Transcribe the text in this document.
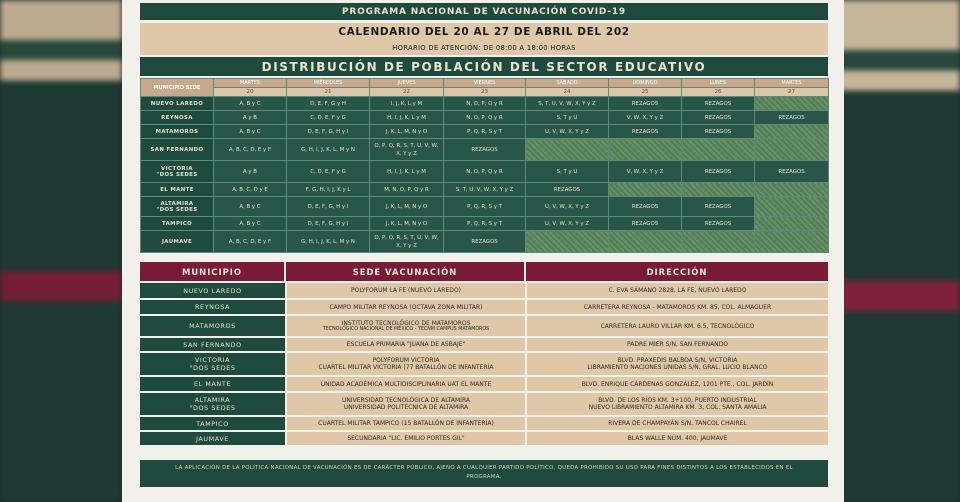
PROGRAMA NACIONAL DE VACUNACIÓN COVID-19
CALENDARIO DEL 20 AL 27 DE ABRIL DEL 202
HORARIO DE ATENCIÓN: DE 08:00 A 18:00 HORAS
DISTRIBUCIÓN DE POBLACIÓN DEL SECTOR EDUCATIVO
MUNICIPIO SEDE	MARTES	MIÉRCOLES	JUEVES	VIERNES	SÁBADO	DOMINGO	LUNES	MARTES
	20	21	22	23	24	25	26	27

NUEVO LAREDO	A, B y C	D, E, F, G y H	I, J, K, L y M	N, O, P, Q y R	S, T, U, V, W, X, Y y Z	REZAGOS	REZAGOS	

REYNOSA	A y B	C, D, E, F y G	H, I, J, K, L y M	N, O, P, Q y R	S, T y U	V, W, X, Y y Z	REZAGOS	REZAGOS

MATAMOROS	A, B y C	D, E, F, G, H y I	J, K, L, M, N y O	P, Q, R, S y T	U, V, W, X, Y y Z	REZAGOS	REZAGOS	

SAN FERNANDO	A, B, C, D, E y F	G, H, I, J, K, L, M y N	O, P, Q, R, S, T, U, V, W, X, Y y Z	REZAGOS				

VICTORIA
"DOS SEDES	A y B	C, D, E, F y G	H, I, J, K, L y M	N, O, P, Q y R	S, T y U	V, W, X, Y y Z	REZAGOS	REZAGOS

EL MANTE	A, B, C, D y E	F, G, H, I, J, K y L	M, N, O, P, Q y R	S, T, U, V, W, X, Y y Z	REZAGOS			

ALTAMIRA
"DOS SEDES	A, B y C	D, E, F, G, H y I	J, K, L, M, N y O	P, Q, R, S y T	U, V, W, X, Y y Z	REZAGOS	REZAGOS	

TAMPICO	A, B y C	D, E, F, G, H y I	J, K, L, M, N y O	P, Q, R, S y T	U, V, W, X, Y y Z	REZAGOS	REZAGOS	

JAUMAVE	A, B, C, D, E y F	G, H, I, J, K, L, M y N	O, P, Q, R, S, T, U, V, W, X, Y y Z	REZAGOS				
MUNICIPIO	SEDE VACUNACIÓN	DIRECCIÓN
NUEVO LAREDO	POLYFORUM LA FE (NUEVO LAREDO)	C. EVA SÁMANO 2828, LA FE, NUEVO LAREDO

REYNOSA	CAMPO MILITAR REYNOSA (OCTAVA ZONA MILITAR)	CARRETERA REYNOSA - MATAMOROS KM. 85, COL. ALMAGUER

MATAMOROS	INSTITUTO TECNOLÓGICO DE MATAMOROS
TECNOLÓGICO NACIONAL DE MÉXICO - TECNM CAMPUS MATAMOROS	CARRETERA LAURO VILLAR KM. 6.5, TECNOLÓGICO

SAN FERNANDO	ESCUELA PRIMARIA "JUANA DE ASBAJE"	PADRE MIER S/N, SAN FERNANDO

VICTORIA
"DOS SEDES	POLYFORUM VICTORIA
CUARTEL MILITAR VICTORIA (77 BATALLÓN DE INFANTERÍA	BLVD. PRAXEDIS BALBOA S/N, VICTORIA
LIBRAMIENTO NACIONES UNIDAS S/N, GRAL. LUCIO BLANCO

EL MANTE	UNIDAD ACADÉMICA MULTIDISCIPLINARIA UAT EL MANTE	BLVD. ENRIQUE CÁRDENAS GONZÁLEZ, 1201 PTE., COL. JARDÍN

ALTAMIRA
"DOS SEDES	UNIVERSIDAD TECNOLÓGICA DE ALTAMIRA
UNIVERSIDAD POLITÉCNICA DE ALTAMIRA	BLVD. DE LOS RÍOS KM. 3+100, PUERTO INDUSTRIAL
NUEVO LIBRAMIENTO ALTAMIRA KM. 3, COL. SANTA AMALIA

TAMPICO	CUARTEL MILITAR TAMPICO (15 BATALLÓN DE INFANTERÍA)	RIVERA DE CHAMPAYÁN S/N, TANCOL CHAIREL

JAUMAVE	SECUNDARIA "LIC. EMILIO PORTES GIL"	BLAS WALLE NÚM. 400, JAUMAVE
LA APLICACIÓN DE LA POLÍTICA NACIONAL DE VACUNACIÓN ES DE CARÁCTER PÚBLICO, AJENO A CUALQUIER PARTIDO POLÍTICO, QUEDA PROHIBIDO SU USO PARA FINES DISTINTOS A LOS ESTABLECIDOS EN EL PROGRAMA.
